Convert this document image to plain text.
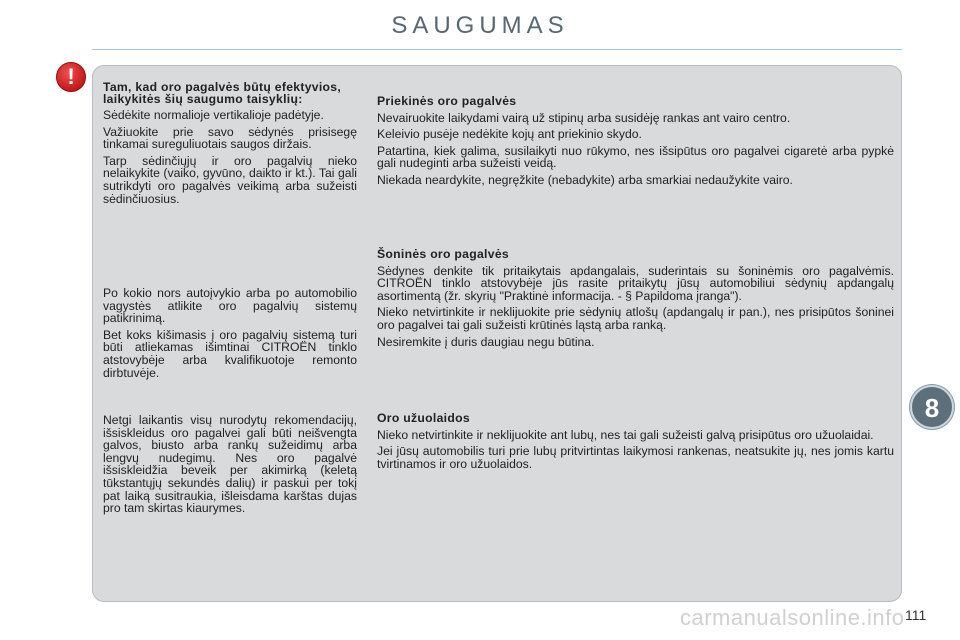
SAUGUMAS
!	Tam, kad oro pagalvės būtų efektyvios, laikykitės šių saugumo taisyklių:

Sėdėkite normalioje vertikalioje padėtyje.

Važiuokite prie savo sėdynės prisisegę tinkamai sureguliuotais saugos diržais.

Tarp sėdinčiųjų ir oro pagalvių nieko nelaikykite (vaiko, gyvūno, daikto ir kt.). Tai gali sutrikdyti oro pagalvės veikimą arba sužeisti sėdinčiuosius.

Po kokio nors autoįvykio arba po automobilio vagystės atlikite oro pagalvių sistemų patikrinimą.

Bet koks kišimasis į oro pagalvių sistemą turi būti atliekamas išimtinai CITROËN tinklo atstovybėje arba kvalifikuotoje remonto dirbtuvėje.

Netgi laikantis visų nurodytų rekomendacijų, išsiskleidus oro pagalvei gali būti neišvengta galvos, biusto arba rankų sužeidimų arba lengvų nudegimų. Nes oro pagalvė išsiskleidžia beveik per akimirką (keletą tūkstantųjų sekundės dalių) ir paskui per tokį pat laiką susitraukia, išleisdama karštas dujas pro tam skirtas kiaurymes.

Priekinės oro pagalvės

Nevairuokite laikydami vairą už stipinų arba susidėję rankas ant vairo centro.

Keleivio pusėje nedėkite kojų ant priekinio skydo.

Patartina, kiek galima, susilaikyti nuo rūkymo, nes išsipūtus oro pagalvei cigaretė arba pypkė gali nudeginti arba sužeisti veidą.

Niekada neardykite, negręžkite (nebadykite) arba smarkiai nedaužykite vairo.

Šoninės oro pagalvės

Sėdynes denkite tik pritaikytais apdangalais, suderintais su šoninėmis oro pagalvėmis. CITROËN tinklo atstovybėje jūs rasite pritaikytų jūsų automobiliui sėdynių apdangalų asortimentą (žr. skyrių "Praktinė informacija. - § Papildoma įranga").

Nieko netvirtinkite ir neklijuokite prie sėdynių atlošų (apdangalų ir pan.), nes prisipūtos šoninei oro pagalvei tai gali sužeisti krūtinės ląstą arba ranką.

Nesiremkite į duris daugiau negu būtina.

Oro užuolaidos

Nieko netvirtinkite ir neklijuokite ant lubų, nes tai gali sužeisti galvą prisipūtus oro užuolaidai.

Jei jūsų automobilis turi prie lubų pritvirtintas laikymosi rankenas, neatsukite jų, nes jomis kartu tvirtinamos ir oro užuolaidos.

8
carmanualsonline.info 111
